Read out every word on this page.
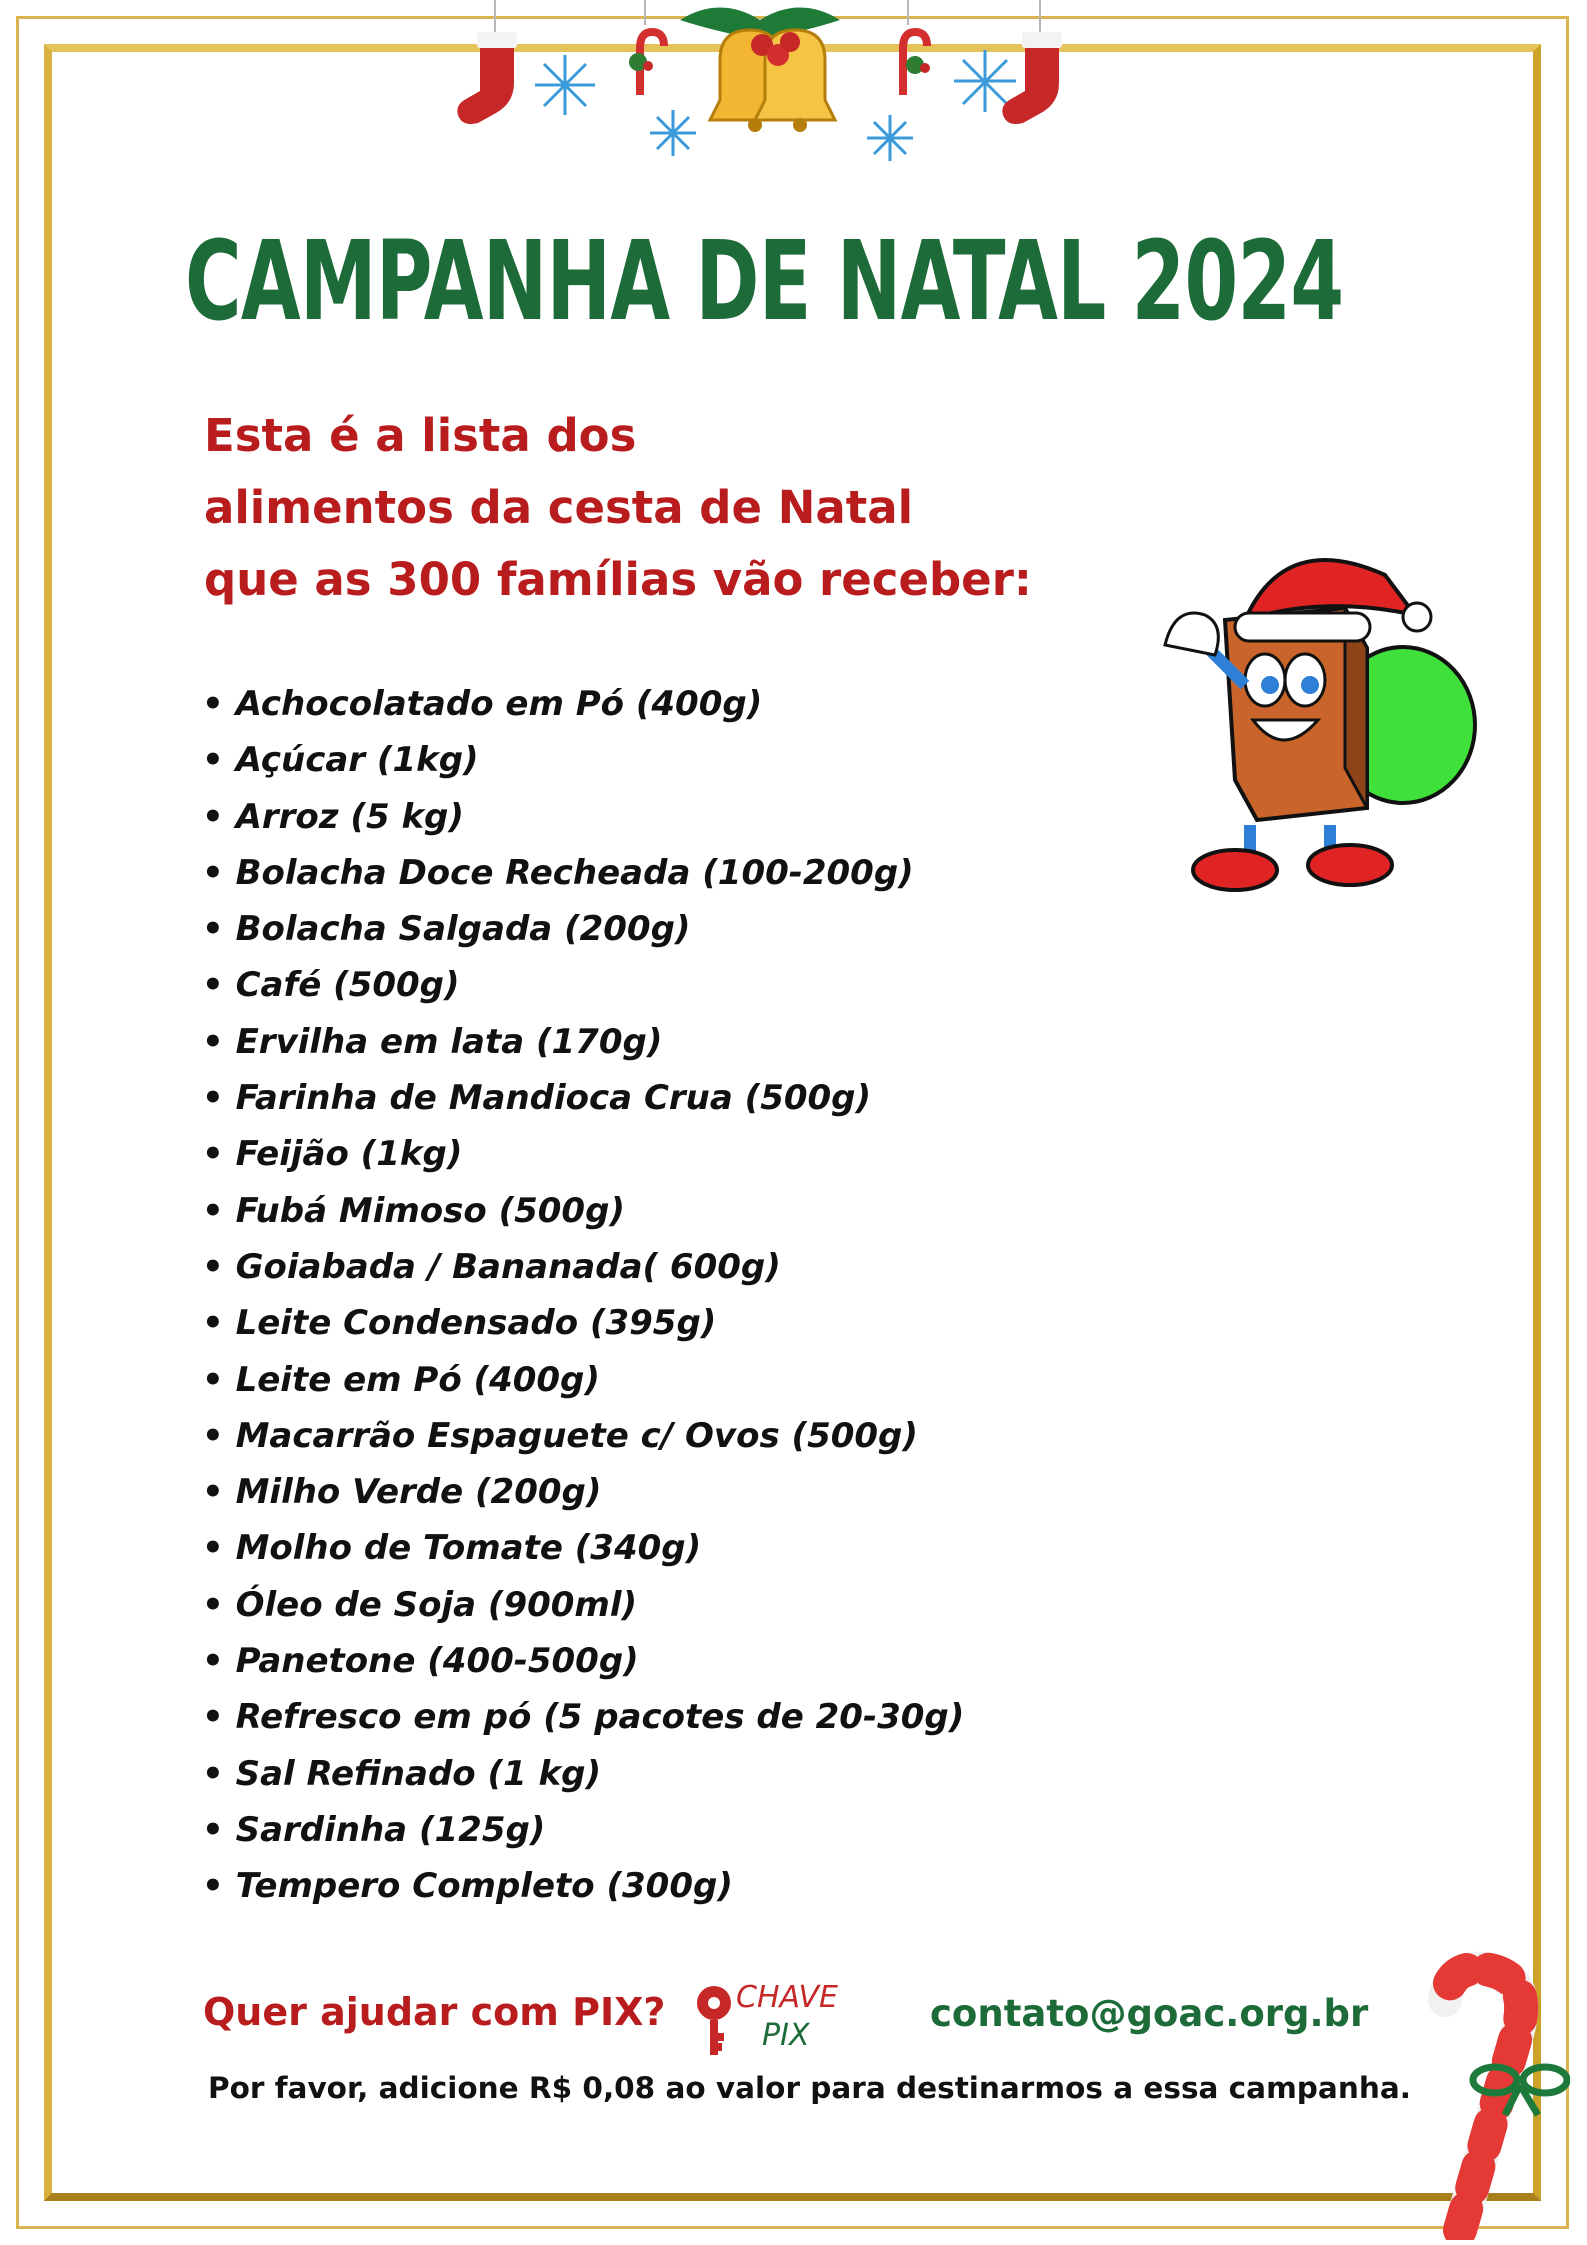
CAMPANHA DE NATAL 2024
Esta é a lista dos
alimentos da cesta de Natal
que as 300 famílias vão receber:
• Achocolatado em Pó (400g)
• Açúcar (1kg)
• Arroz (5 kg)
• Bolacha Doce Recheada (100-200g)
• Bolacha Salgada (200g)
• Café (500g)
• Ervilha em lata (170g)
• Farinha de Mandioca Crua (500g)
• Feijão (1kg)
• Fubá Mimoso (500g)
• Goiabada / Bananada( 600g)
• Leite Condensado (395g)
• Leite em Pó (400g)
• Macarrão Espaguete c/ Ovos (500g)
• Milho Verde (200g)
• Molho de Tomate (340g)
• Óleo de Soja (900ml)
• Panetone (400-500g)
• Refresco em pó (5 pacotes de 20-30g)
• Sal Refinado (1 kg)
• Sardinha (125g)
• Tempero Completo (300g)
Quer ajudar com PIX? CHAVE
PIX
contato@goac.org.br
Por favor, adicione R$ 0,08 ao valor para destinarmos a essa campanha.
